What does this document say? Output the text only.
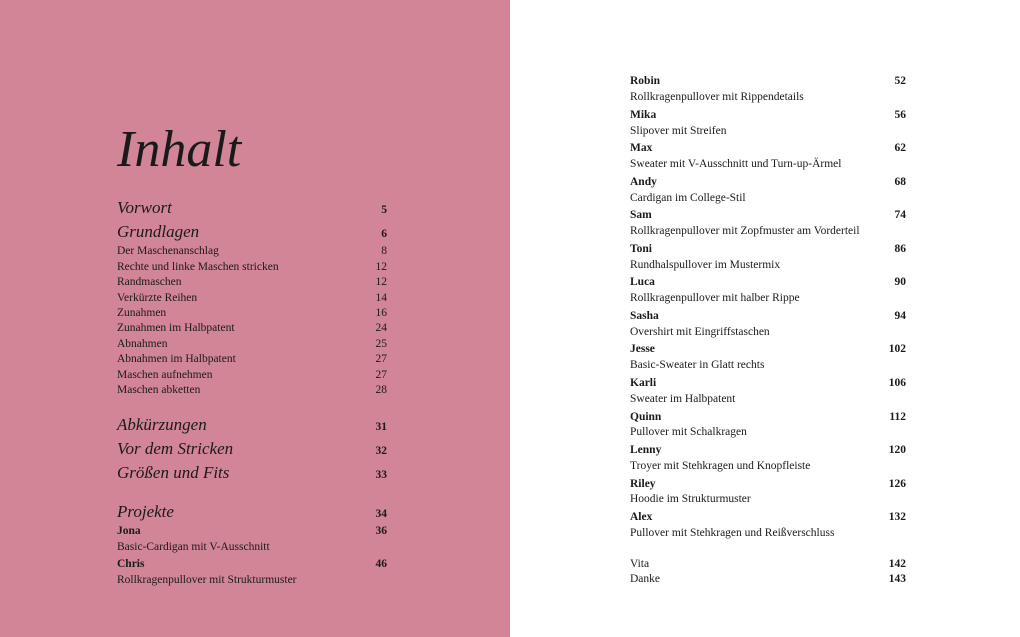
Inhalt
Vorwort	5
Grundlagen	6
Der Maschenanschlag	8
Rechte und linke Maschen stricken	12
Randmaschen	12
Verkürzte Reihen	14
Zunahmen	16
Zunahmen im Halbpatent	24
Abnahmen	25
Abnahmen im Halbpatent	27
Maschen aufnehmen	27
Maschen abketten	28
Abkürzungen	31
Vor dem Stricken	32
Größen und Fits	33
Projekte	34
Jona	36
Basic-Cardigan mit V-Ausschnitt
Chris	46
Rollkragenpullover mit Strukturmuster
Robin	52
Rollkragenpullover mit Rippendetails
Mika	56
Slipover mit Streifen
Max	62
Sweater mit V-Ausschnitt und Turn-up-Ärmel
Andy	68
Cardigan im College-Stil
Sam	74
Rollkragenpullover mit Zopfmuster am Vorderteil
Toni	86
Rundhalspullover im Mustermix
Luca	90
Rollkragenpullover mit halber Rippe
Sasha	94
Overshirt mit Eingriffstaschen
Jesse	102
Basic-Sweater in Glatt rechts
Karli	106
Sweater im Halbpatent
Quinn	112
Pullover mit Schalkragen
Lenny	120
Troyer mit Stehkragen und Knopfleiste
Riley	126
Hoodie im Strukturmuster
Alex	132
Pullover mit Stehkragen und Reißverschluss
Vita	142
Danke	143
